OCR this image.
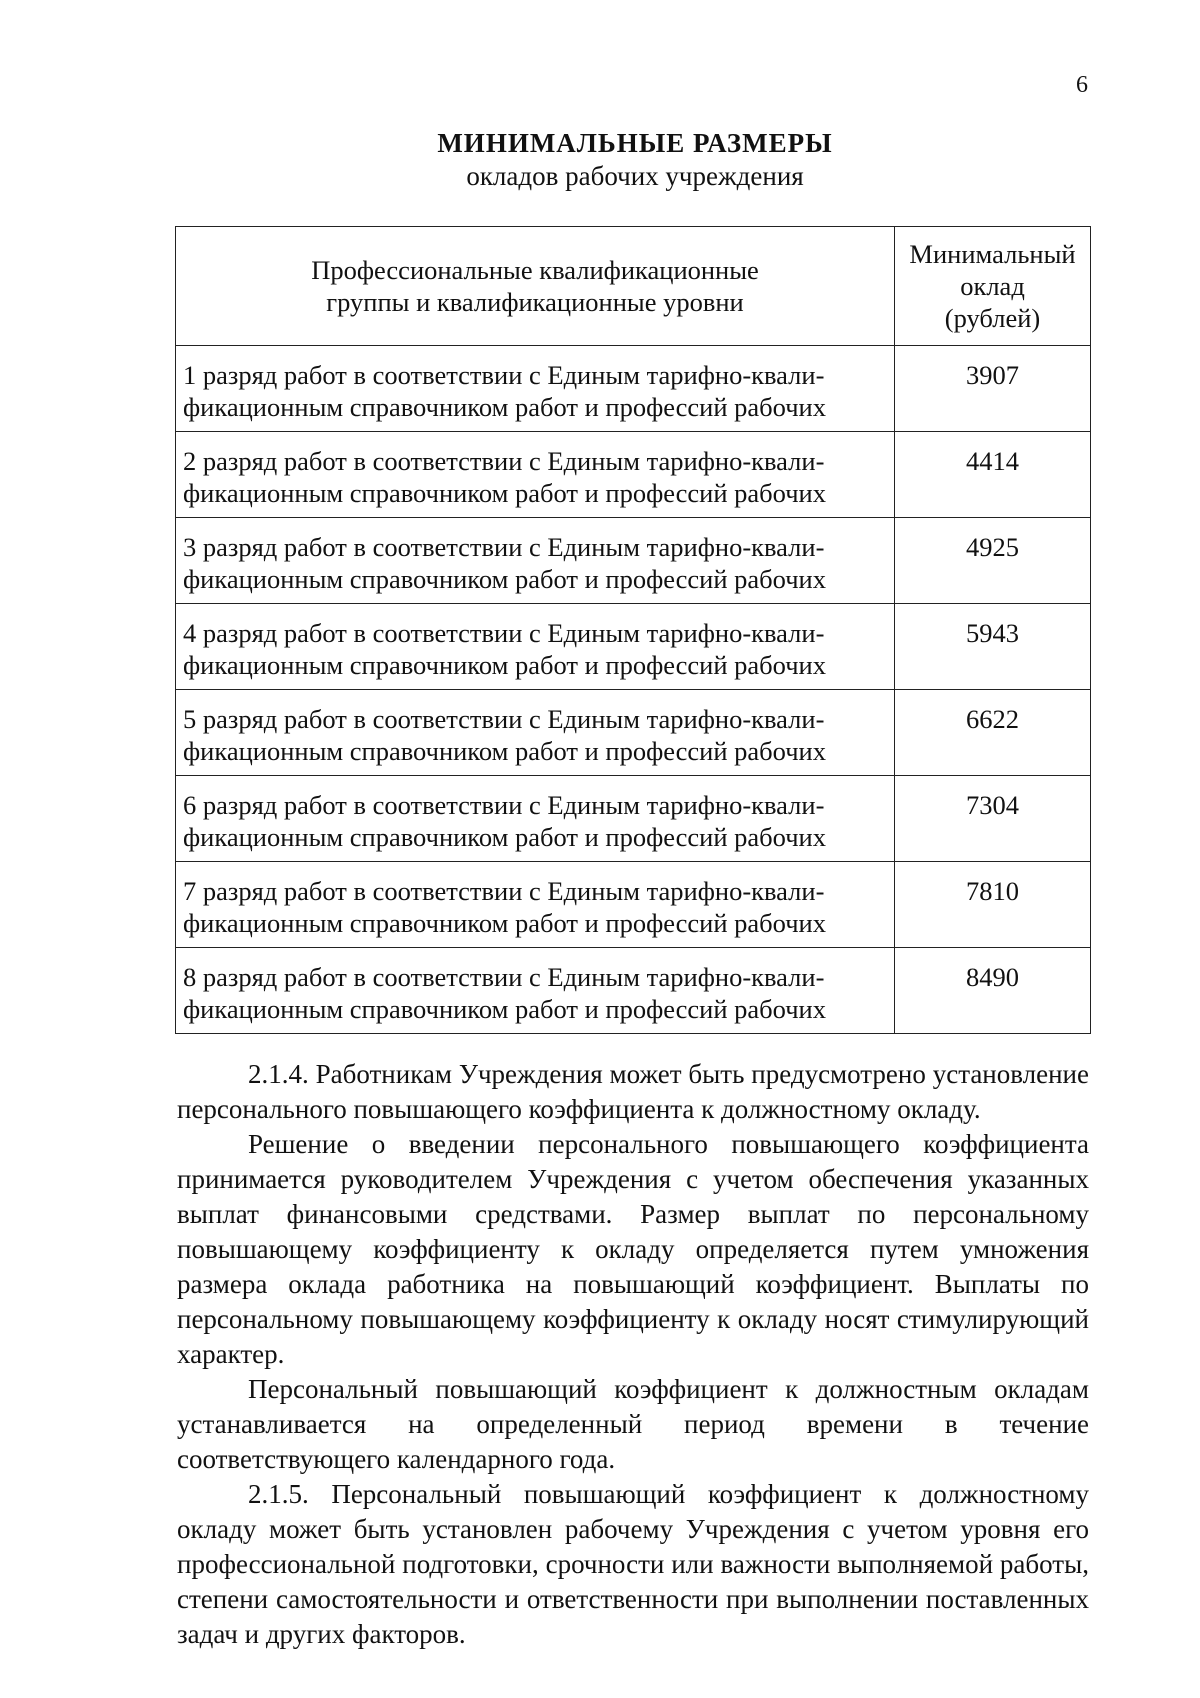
6
МИНИМАЛЬНЫЕ РАЗМЕРЫ
окладов рабочих учреждения
Профессиональные квалификационные
группы и квалификационные уровни	Минимальный
оклад
(рублей)
1 разряд работ в соответствии с Единым тарифно-квали-
фикационным справочником работ и профессий рабочих	3907
2 разряд работ в соответствии с Единым тарифно-квали-
фикационным справочником работ и профессий рабочих	4414
3 разряд работ в соответствии с Единым тарифно-квали-
фикационным справочником работ и профессий рабочих	4925
4 разряд работ в соответствии с Единым тарифно-квали-
фикационным справочником работ и профессий рабочих	5943
5 разряд работ в соответствии с Единым тарифно-квали-
фикационным справочником работ и профессий рабочих	6622
6 разряд работ в соответствии с Единым тарифно-квали-
фикационным справочником работ и профессий рабочих	7304
7 разряд работ в соответствии с Единым тарифно-квали-
фикационным справочником работ и профессий рабочих	7810
8 разряд работ в соответствии с Единым тарифно-квали-
фикационным справочником работ и профессий рабочих	8490

2.1.4. Работникам Учреждения может быть предусмотрено установление персонального повышающего коэффициента к должностному окладу.

Решение о введении персонального повышающего коэффициента принимается руководителем Учреждения с учетом обеспечения указанных выплат финансовыми средствами. Размер выплат по персональному повышающему коэффициенту к окладу определяется путем умножения размера оклада работника на повышающий коэффициент. Выплаты по персональному повышающему коэффициенту к окладу носят стимулирующий характер.

Персональный повышающий коэффициент к должностным окладам устанавливается на определенный период времени в течение соответствующего календарного года.

2.1.5. Персональный повышающий коэффициент к должностному окладу может быть установлен рабочему Учреждения с учетом уровня его профессиональной подготовки, срочности или важности выполняемой работы, степени самостоятельности и ответственности при выполнении поставленных задач и других факторов.
